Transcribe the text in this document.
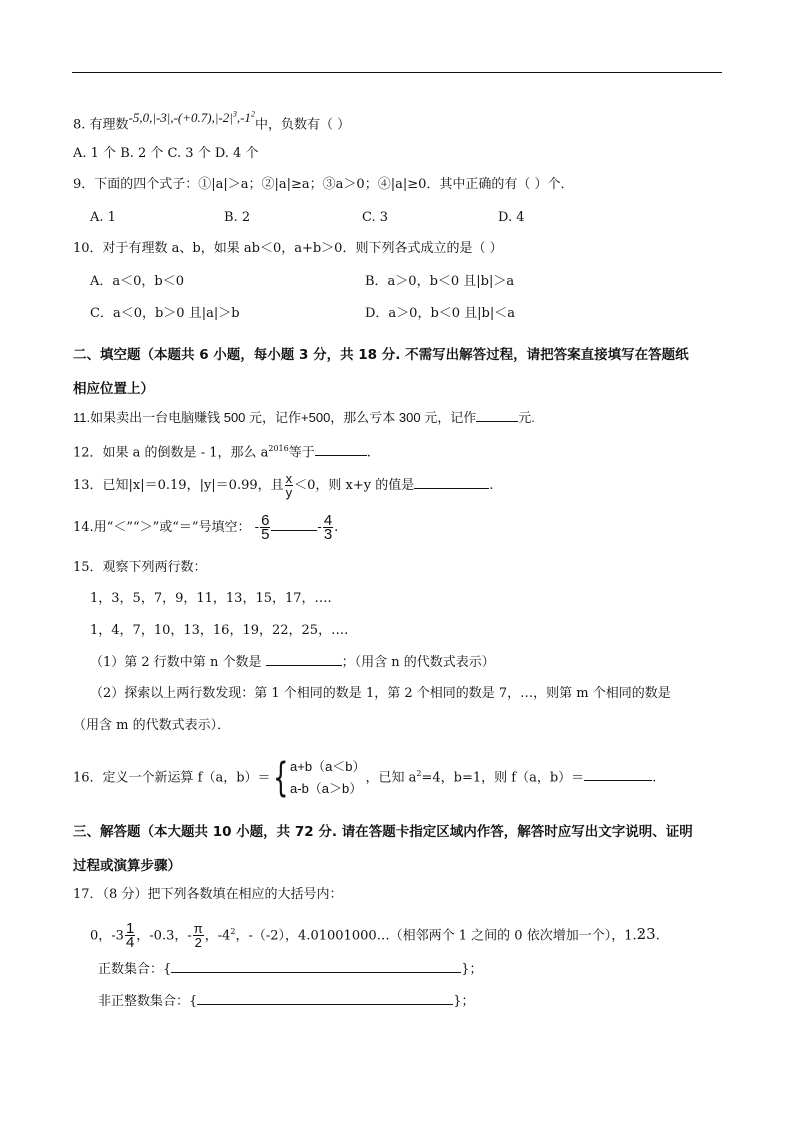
8. 有理数$-5,0,|-3|,-(+0.7),|-2|^3,-1^2$中，负数有（ ）
A. 1 个 B. 2 个 C. 3 个 D. 4 个
9．下面的四个式子：①|a|＞a；②|a|≥a；③a＞0；④|a|≥0．其中正确的有（ ）个．
A. 1	B. 2	C. 3	D. 4
10．对于有理数 a、b，如果 ab＜0，a+b＞0．则下列各式成立的是（ ）
A．a＜0，b＜0	B．a＞0，b＜0 且|b|＞a
C．a＜0，b＞0 且|a|＞b	D．a＞0，b＜0 且|b|＜a
二、填空题（本题共 6 小题，每小题 3 分，共 18 分. 不需写出解答过程，请把答案直接填写在答题纸
相应位置上）
11.如果卖出一台电脑赚钱 500 元，记作+500，那么亏本 300 元，记作	元.
12．如果 a 的倒数是 - 1，那么 $a^{2016}$等于	.
13．已知|x|＝0.19，|y|＝0.99，且 $\frac{x}{y} <0$，则 x+y 的值是	.
14.用“＜”“＞”或“＝”号填空： - $\frac{6}{5}$	- $\frac{4}{3}$ .
15．观察下列两行数：
1，3，5，7，9，11，13，15，17，….
1，4，7，10，13，16，19，22，25，….
（1）第 2 行数中第 n 个数是	；（用含 n 的代数式表示）
（2）探索以上两行数发现：第 1 个相同的数是 1，第 2 个相同的数是 7，…，则第 m 个相同的数是
（用含 m 的代数式表示）．
16．定义一个新运算 f（a，b）＝{ a+b（a＜b）
a-b（a＞b）
，已知 $a^2=4$，b=1，则 f（a，b）＝	.
三、解答题（本大题共 10 小题，共 72 分. 请在答题卡指定区域内作答，解答时应写出文字说明、证明
过程或演算步骤）
17．（8 分）把下列各数填在相应的大括号内：
0，$-3 \frac{1}{4}$ ，-0.3，- $\frac{\pi}{2}$ ，$-4^2$，-（-2），4.01001000…（相邻两个 1 之间的 0 依次增加一个），1.• 23.
正数集合：{	}；
非正整数集合：{	}；
